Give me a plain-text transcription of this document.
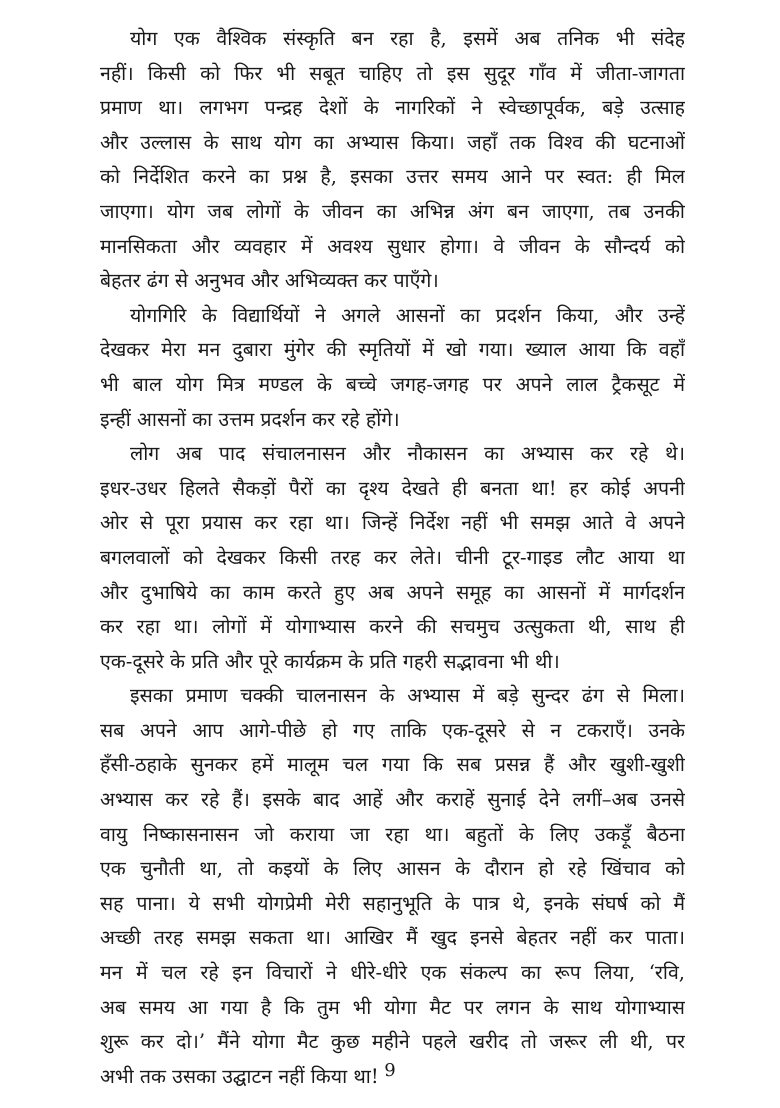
योग एक वैश्विक संस्कृति बन रहा है, इसमें अब तनिक भी संदेह
नहीं। किसी को फिर भी सबूत चाहिए तो इस सुदूर गाँव में जीता-जागता
प्रमाण था। लगभग पन्द्रह देशों के नागरिकों ने स्वेच्छापूर्वक, बड़े उत्साह
और उल्लास के साथ योग का अभ्यास किया। जहाँ तक विश्व की घटनाओं
को निर्देशित करने का प्रश्न है, इसका उत्तर समय आने पर स्वत: ही मिल
जाएगा। योग जब लोगों के जीवन का अभिन्न अंग बन जाएगा, तब उनकी
मानसिकता और व्यवहार में अवश्य सुधार होगा। वे जीवन के सौन्दर्य को
बेहतर ढंग से अनुभव और अभिव्यक्त कर पाएँगे।
योगगिरि के विद्यार्थियों ने अगले आसनों का प्रदर्शन किया, और उन्हें
देखकर मेरा मन दुबारा मुंगेर की स्मृतियों में खो गया। ख्याल आया कि वहाँ
भी बाल योग मित्र मण्डल के बच्चे जगह-जगह पर अपने लाल ट्रैकसूट में
इन्हीं आसनों का उत्तम प्रदर्शन कर रहे होंगे।
लोग अब पाद संचालनासन और नौकासन का अभ्यास कर रहे थे।
इधर-उधर हिलते सैकड़ों पैरों का दृश्य देखते ही बनता था! हर कोई अपनी
ओर से पूरा प्रयास कर रहा था। जिन्हें निर्देश नहीं भी समझ आते वे अपने
बगलवालों को देखकर किसी तरह कर लेते। चीनी टूर-गाइड लौट आया था
और दुभाषिये का काम करते हुए अब अपने समूह का आसनों में मार्गदर्शन
कर रहा था। लोगों में योगाभ्यास करने की सचमुच उत्सुकता थी, साथ ही
एक-दूसरे के प्रति और पूरे कार्यक्रम के प्रति गहरी सद्भावना भी थी।
इसका प्रमाण चक्की चालनासन के अभ्यास में बड़े सुन्दर ढंग से मिला।
सब अपने आप आगे-पीछे हो गए ताकि एक-दूसरे से न टकराएँ। उनके
हँसी-ठहाके सुनकर हमें मालूम चल गया कि सब प्रसन्न हैं और खुशी-खुशी
अभ्यास कर रहे हैं। इसके बाद आहें और कराहें सुनाई देने लगीं–अब उनसे
वायु निष्कासनासन जो कराया जा रहा था। बहुतों के लिए उकड़ूँ बैठना
एक चुनौती था, तो कइयों के लिए आसन के दौरान हो रहे खिंचाव को
सह पाना। ये सभी योगप्रेमी मेरी सहानुभूति के पात्र थे, इनके संघर्ष को मैं
अच्छी तरह समझ सकता था। आखिर मैं खुद इनसे बेहतर नहीं कर पाता।
मन में चल रहे इन विचारों ने धीरे-धीरे एक संकल्प का रूप लिया, ‘रवि,
अब समय आ गया है कि तुम भी योगा मैट पर लगन के साथ योगाभ्यास
शुरू कर दो।’ मैंने योगा मैट कुछ महीने पहले खरीद तो जरूर ली थी, पर
अभी तक उसका उद्घाटन नहीं किया था! 9
